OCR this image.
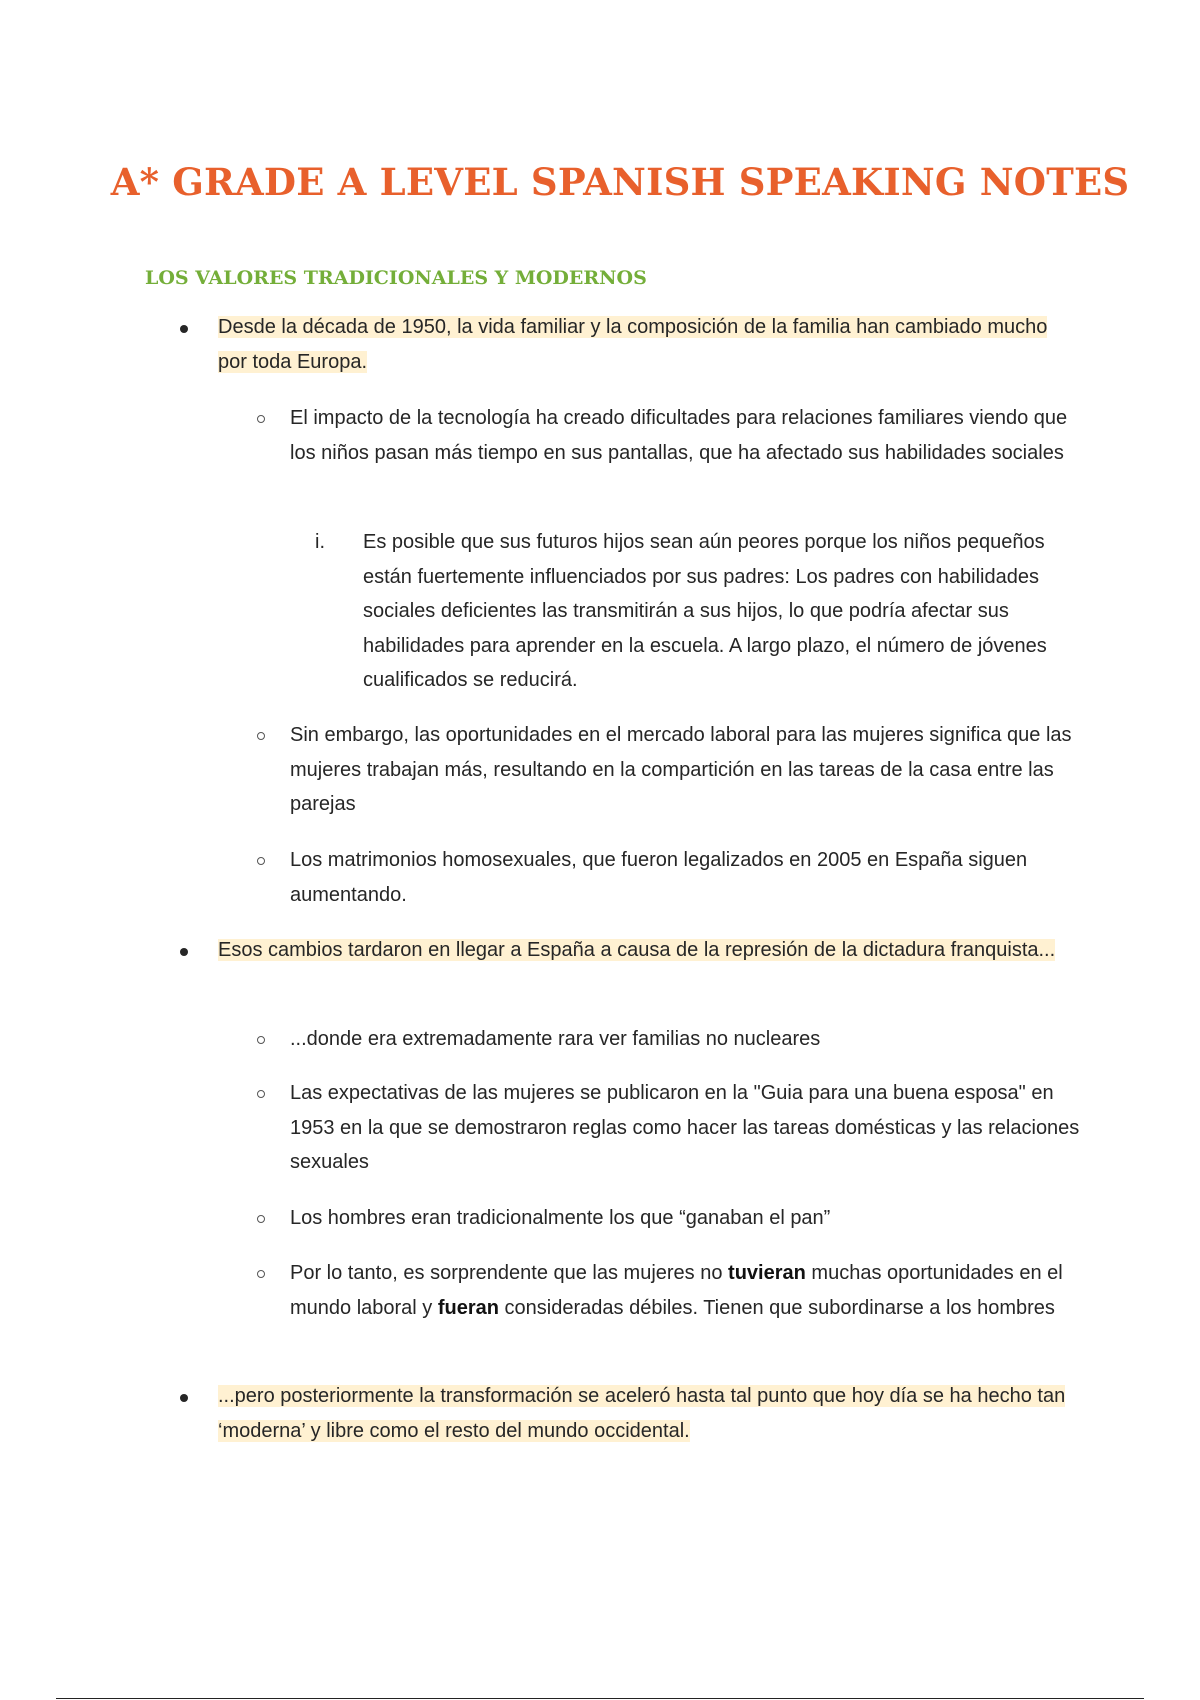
A* GRADE A LEVEL SPANISH SPEAKING NOTES
LOS VALORES TRADICIONALES Y MODERNOS
Desde la década de 1950, la vida familiar y la composición de la familia han cambiado mucho por toda Europa.
El impacto de la tecnología ha creado dificultades para relaciones familiares viendo que los niños pasan más tiempo en sus pantallas, que ha afectado sus habilidades sociales
i. Es posible que sus futuros hijos sean aún peores porque los niños pequeños están fuertemente influenciados por sus padres: Los padres con habilidades sociales deficientes las transmitirán a sus hijos, lo que podría afectar sus habilidades para aprender en la escuela. A largo plazo, el número de jóvenes cualificados se reducirá.
Sin embargo, las oportunidades en el mercado laboral para las mujeres significa que las mujeres trabajan más, resultando en la compartición en las tareas de la casa entre las parejas
Los matrimonios homosexuales, que fueron legalizados en 2005 en España siguen aumentando.
Esos cambios tardaron en llegar a España a causa de la represión de la dictadura franquista...
...donde era extremadamente rara ver familias no nucleares
Las expectativas de las mujeres se publicaron en la "Guia para una buena esposa" en 1953 en la que se demostraron reglas como hacer las tareas domésticas y las relaciones sexuales
Los hombres eran tradicionalmente los que “ganaban el pan”
Por lo tanto, es sorprendente que las mujeres no tuvieran muchas oportunidades en el mundo laboral y fueran consideradas débiles. Tienen que subordinarse a los hombres
...pero posteriormente la transformación se aceleró hasta tal punto que hoy día se ha hecho tan ‘moderna’ y libre como el resto del mundo occidental.
